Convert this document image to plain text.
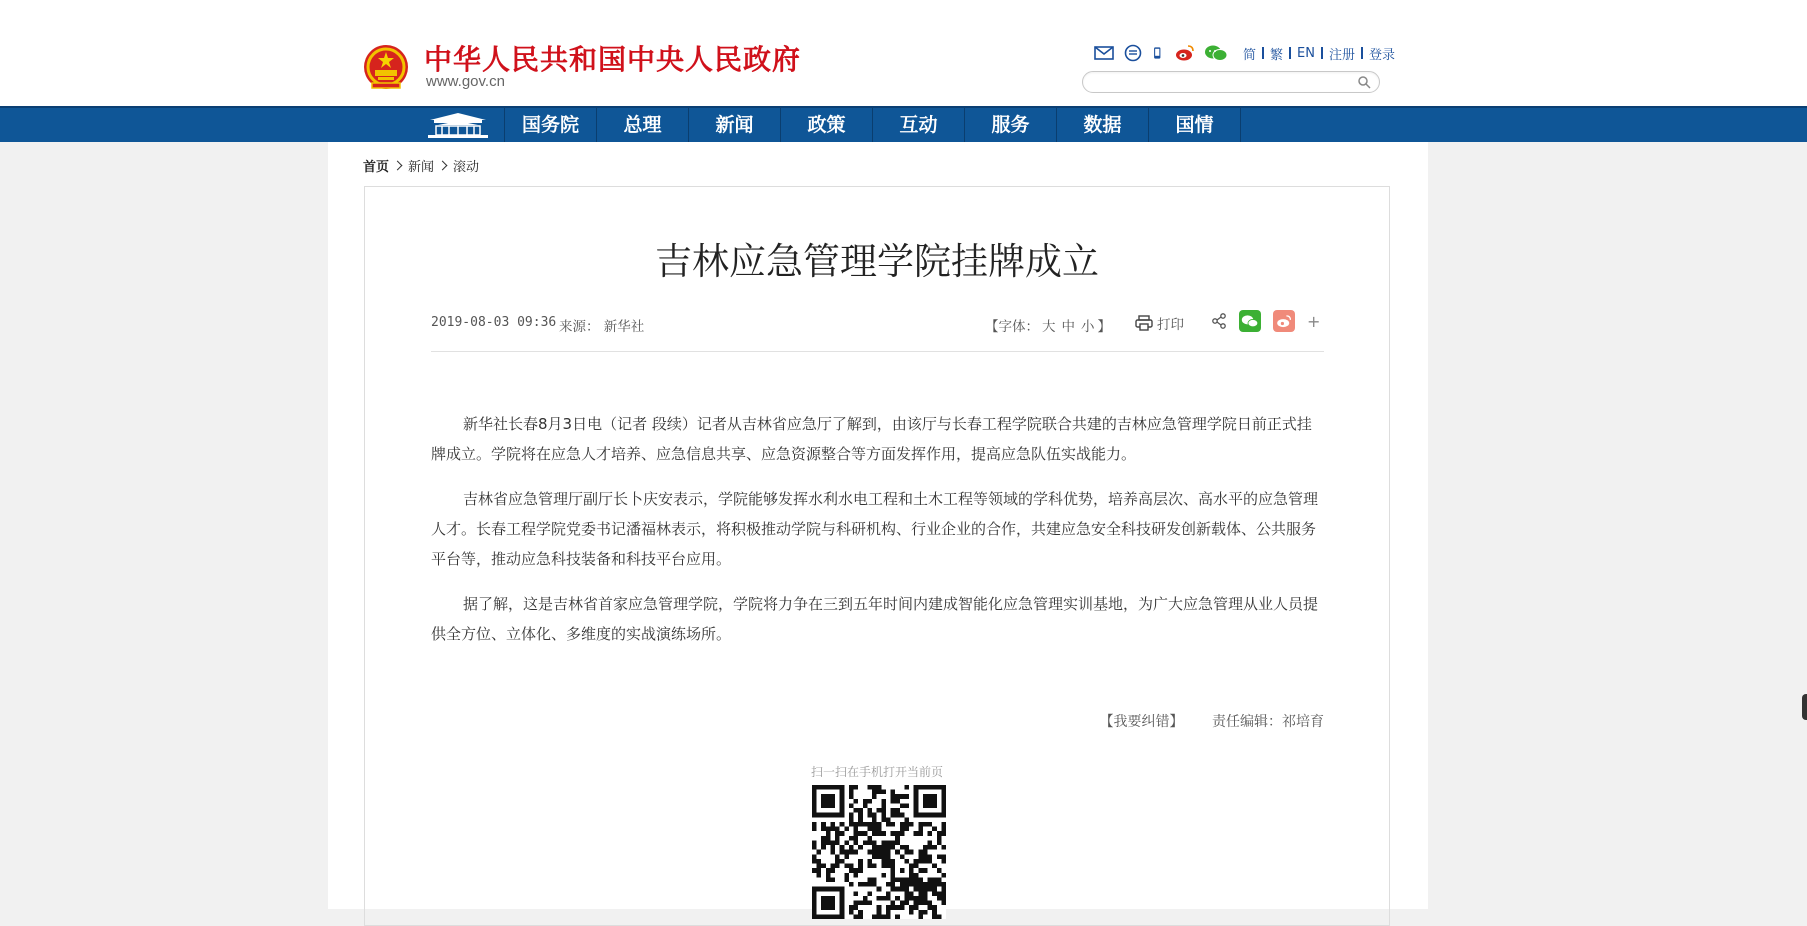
中华人民共和国中央人民政府
www.gov.cn
简	繁	EN	注册	登录
国务院	总理	新闻	政策	互动	服务	数据	国情
首页 新闻 滚动
吉林应急管理学院挂牌成立
2019-08-03 09:36 来源： 新华社	【字体： 大 中 小 】	打印	+

新华社长春8月3日电（记者 段续）记者从吉林省应急厅了解到，由该厅与长春工程学院联合共建的吉林应急管理学院日前正式挂牌成立。学院将在应急人才培养、应急信息共享、应急资源整合等方面发挥作用，提高应急队伍实战能力。

吉林省应急管理厅副厅长卜庆安表示，学院能够发挥水利水电工程和土木工程等领域的学科优势，培养高层次、高水平的应急管理人才。长春工程学院党委书记潘福林表示，将积极推动学院与科研机构、行业企业的合作，共建应急安全科技研发创新载体、公共服务平台等，推动应急科技装备和科技平台应用。

据了解，这是吉林省首家应急管理学院，学院将力争在三到五年时间内建成智能化应急管理实训基地，为广大应急管理从业人员提供全方位、立体化、多维度的实战演练场所。

【我要纠错】 责任编辑：祁培育
扫一扫在手机打开当前页
